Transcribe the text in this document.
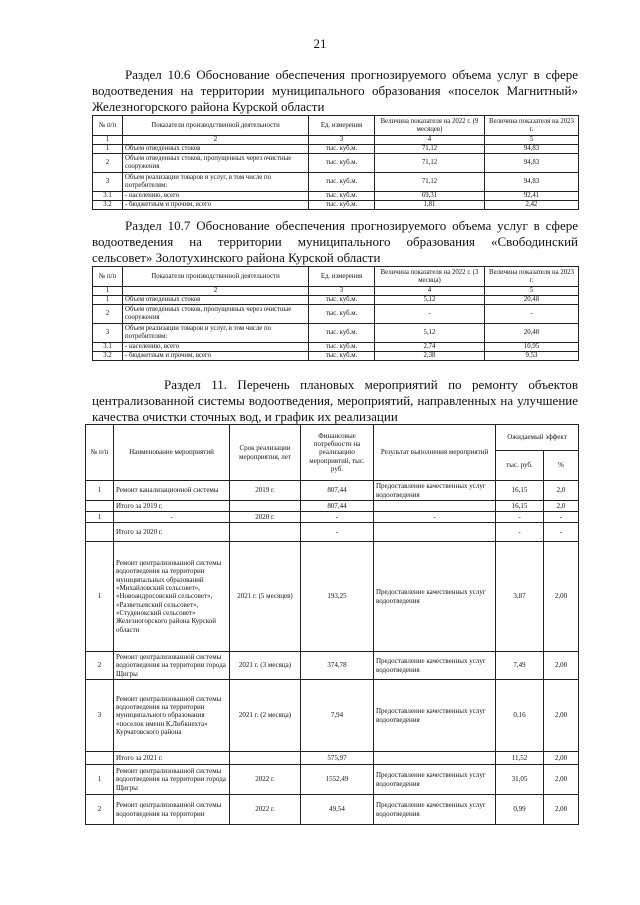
21
Раздел 10.6 Обоснование обеспечения прогнозируемого объема услуг в сфере водоотведения на территории муниципального образования «поселок Магнитный» Железногорского района Курской области
№ п/п	Показатели производственной деятельности	Ед. измерения	Величина показателя на 2022 г. (9 месяцев)	Величина показателя на 2023 г.
1	2	3	4	5
1	Объем отведенных стоков	тыс. куб.м.	71,12	94,83
2	Объем отведенных стоков, пропущенных через очистные сооружения	тыс. куб.м.	71,12	94,83
3	Объем реализации товаров и услуг, в том числе по потребителям:	тыс. куб.м.	71,12	94,83
3.1	- населению, всего	тыс. куб.м.	69,31	92,41
3.2	- бюджетным и прочим, всего	тыс. куб.м.	1,81	2,42
Раздел 10.7 Обоснование обеспечения прогнозируемого объема услуг в сфере водоотведения на территории муниципального образования «Свободинский сельсовет» Золотухинского района Курской области
№ п/п	Показатели производственной деятельности	Ед. измерения	Величина показателя на 2022 г. (3 месяца)	Величина показателя на 2023 г.
1	2	3	4	5
1	Объем отведенных стоков	тыс. куб.м.	5,12	20,48
2	Объем отведенных стоков, пропущенных через очистные сооружения	тыс. куб.м.	-	-
3	Объем реализации товаров и услуг, в том числе по потребителям:	тыс. куб.м.	5,12	20,48
3.1	- населению, всего	тыс. куб.м.	2,74	10,95
3.2	- бюджетным и прочим, всего	тыс. куб.м.	2,38	9,53
Раздел 11. Перечень плановых мероприятий по ремонту объектов централизованной системы водоотведения, мероприятий, направленных на улучшение качества очистки сточных вод, и график их реализации
№ п/п	Наименование мероприятий	Срок реализации мероприятия, лет	Финансовые потребности на реализацию мероприятий, тыс. руб.	Результат выполнения мероприятий	Ожидаемый эффект	
					тыс. руб.	%
1	Ремонт канализационной системы	2019 г.	807,44	Предоставление качественных услуг водоотведения	16,15	2,0
	Итого за 2019 г.		807,44		16,15	2,0
1	-	2020 г.	-	-	-	-
	Итого за 2020 г.		-		-	-
1	Ремонт централизованной системы водоотведения на территории муниципальных образований «Михайловский сельсовет», «Новоандросовский сельсовет», «Разветьевский сельсовет», «Студенокский сельсовет» Железногорского района Курской области	2021 г. (5 месяцев)	193,25	Предоставление качественных услуг водоотведения	3,87	2,00
2	Ремонт централизованной системы водоотведения на территории города Щигры	2021 г. (3 месяца)	374,78	Предоставление качественных услуг водоотведения	7,49	2,00
3	Ремонт централизованной системы водоотведения на территории муниципального образования «поселок имени К.Либкнехта» Курчатовского района	2021 г. (2 месяца)	7,94	Предоставление качественных услуг водоотведения	0,16	2,00
	Итого за 2021 г.		575,97		11,52	2,00
1	Ремонт централизованной системы водоотведения на территории города Щигры	2022 г.	1552,49	Предоставление качественных услуг водоотведения	31,05	2,00
2	Ремонт централизованной системы водоотведения на территории	2022 г.	49,54	Предоставление качественных услуг водоотведения	0,99	2,00
